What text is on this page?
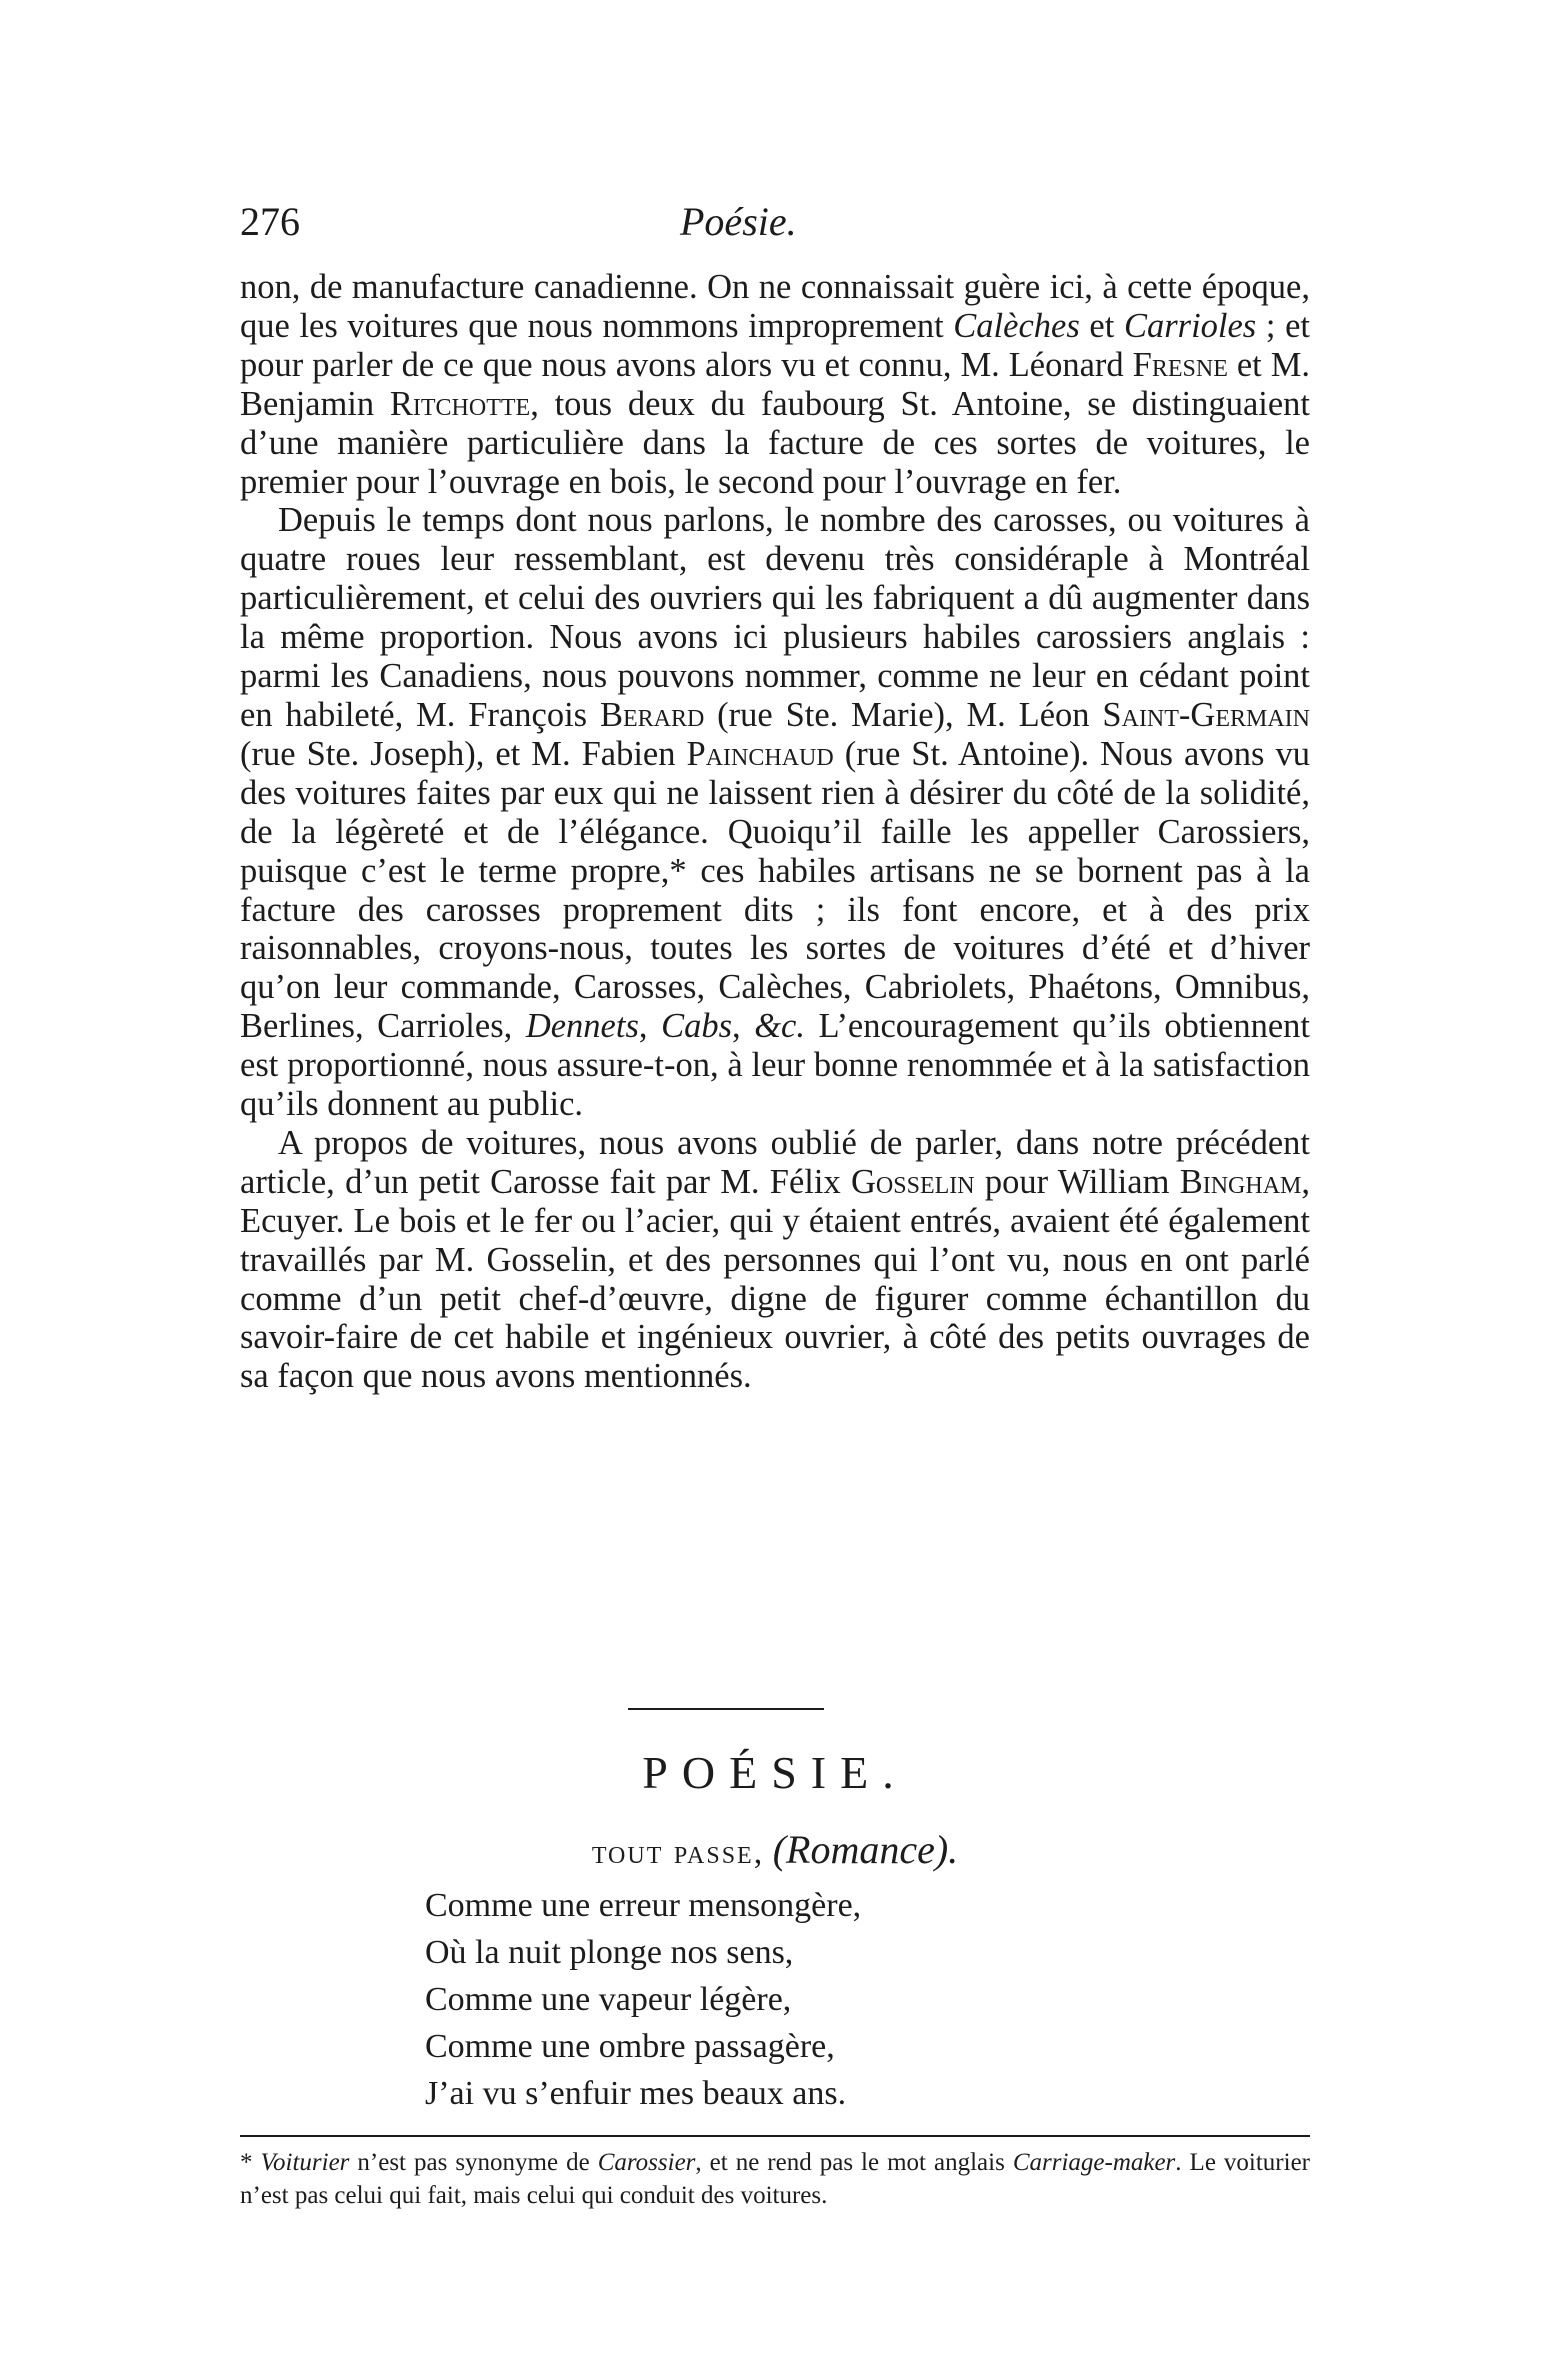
276	Poésie.

non, de manufacture canadienne. On ne connaissait guère ici, à cette époque, que les voitures que nous nommons improprement Calèches et Carrioles ; et pour parler de ce que nous avons alors vu et connu, M. Léonard Fresne et M. Benjamin Ritchotte, tous deux du faubourg St. Antoine, se distinguaient d’une manière particulière dans la facture de ces sortes de voitures, le premier pour l’ouvrage en bois, le second pour l’ouvrage en fer.

Depuis le temps dont nous parlons, le nombre des carosses, ou voitures à quatre roues leur ressemblant, est devenu très considéraple à Montréal particulièrement, et celui des ouvriers qui les fabriquent a dû augmenter dans la même proportion. Nous avons ici plusieurs habiles carossiers anglais : parmi les Canadiens, nous pouvons nommer, comme ne leur en cédant point en habileté, M. François Berard (rue Ste. Marie), M. Léon Saint-Germain (rue Ste. Joseph), et M. Fabien Painchaud (rue St. Antoine). Nous avons vu des voitures faites par eux qui ne laissent rien à désirer du côté de la solidité, de la légèreté et de l’élégance. Quoiqu’il faille les appeller Carossiers, puisque c’est le terme propre,* ces habiles artisans ne se bornent pas à la facture des carosses proprement dits ; ils font encore, et à des prix raisonnables, croyons-nous, toutes les sortes de voitures d’été et d’hiver qu’on leur commande, Carosses, Calèches, Cabriolets, Phaétons, Omnibus, Berlines, Carrioles, Dennets, Cabs, &c. L’encouragement qu’ils obtiennent est proportionné, nous assure-t-on, à leur bonne renommée et à la satisfaction qu’ils donnent au public.

A propos de voitures, nous avons oublié de parler, dans notre précédent article, d’un petit Carosse fait par M. Félix Gosselin pour William Bingham, Ecuyer. Le bois et le fer ou l’acier, qui y étaient entrés, avaient été également travaillés par M. Gosselin, et des personnes qui l’ont vu, nous en ont parlé comme d’un petit chef-d’œuvre, digne de figurer comme échantillon du savoir-faire de cet habile et ingénieux ouvrier, à côté des petits ouvrages de sa façon que nous avons mentionnés.

POÉSIE.
tout passe, (Romance).
Comme une erreur mensongère,
Où la nuit plonge nos sens,
Comme une vapeur légère,
Comme une ombre passagère,
J’ai vu s’enfuir mes beaux ans.
* Voiturier n’est pas synonyme de Carossier, et ne rend pas le mot anglais Carriage-maker. Le voiturier n’est pas celui qui fait, mais celui qui conduit des voitures.
